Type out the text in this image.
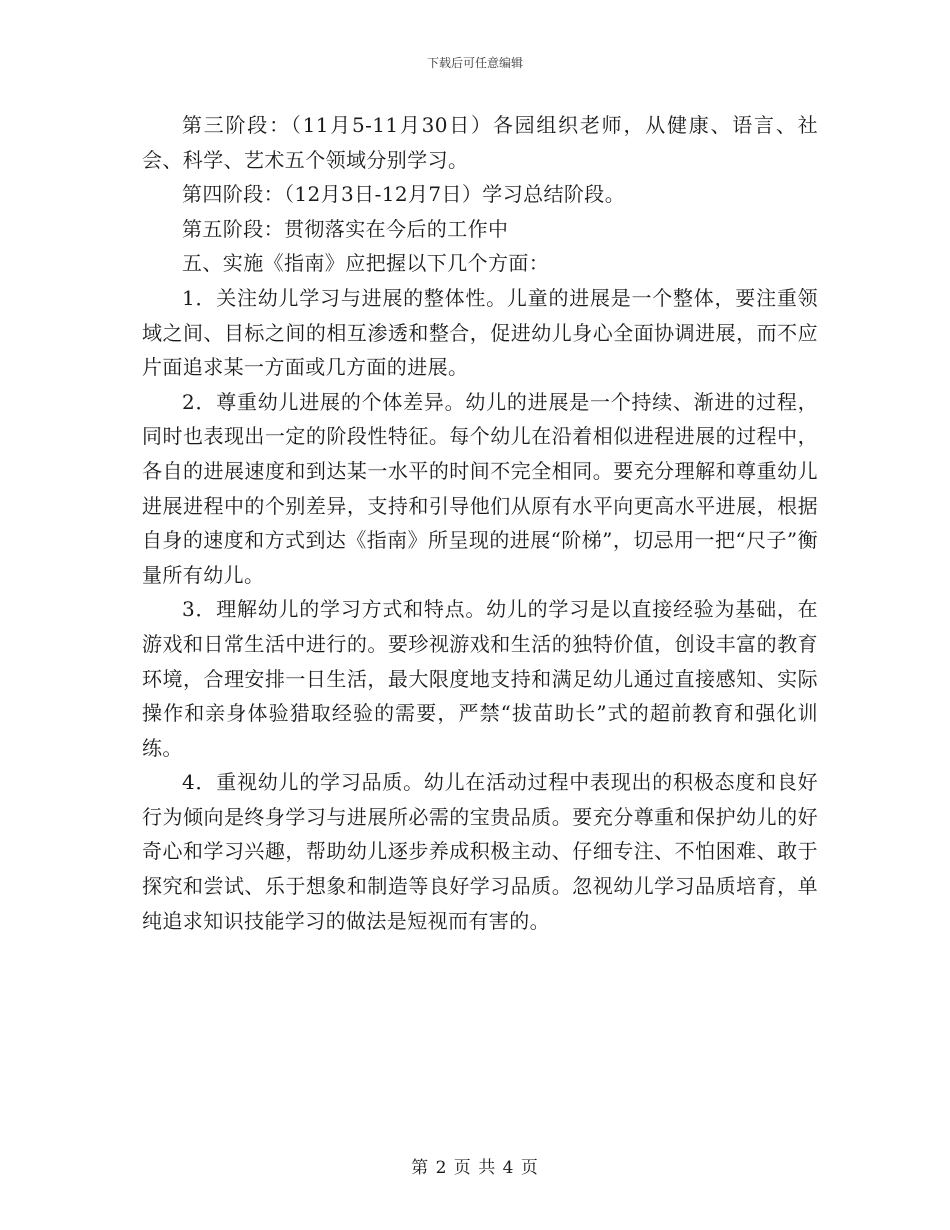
下载后可任意编辑

第三阶段：（11月5-11月30日）各园组织老师，从健康、语言、社会、科学、艺术五个领域分别学习。

第四阶段：（12月3日-12月7日）学习总结阶段。

第五阶段：贯彻落实在今后的工作中

五、实施《指南》应把握以下几个方面：

1．关注幼儿学习与进展的整体性。儿童的进展是一个整体，要注重领域之间、目标之间的相互渗透和整合，促进幼儿身心全面协调进展，而不应片面追求某一方面或几方面的进展。

2．尊重幼儿进展的个体差异。幼儿的进展是一个持续、渐进的过程，同时也表现出一定的阶段性特征。每个幼儿在沿着相似进程进展的过程中，各自的进展速度和到达某一水平的时间不完全相同。要充分理解和尊重幼儿进展进程中的个别差异，支持和引导他们从原有水平向更高水平进展，根据自身的速度和方式到达《指南》所呈现的进展“阶梯”，切忌用一把“尺子”衡量所有幼儿。

3．理解幼儿的学习方式和特点。幼儿的学习是以直接经验为基础，在游戏和日常生活中进行的。要珍视游戏和生活的独特价值，创设丰富的教育环境，合理安排一日生活，最大限度地支持和满足幼儿通过直接感知、实际操作和亲身体验猎取经验的需要，严禁“拔苗助长”式的超前教育和强化训练。

4．重视幼儿的学习品质。幼儿在活动过程中表现出的积极态度和良好行为倾向是终身学习与进展所必需的宝贵品质。要充分尊重和保护幼儿的好奇心和学习兴趣，帮助幼儿逐步养成积极主动、仔细专注、不怕困难、敢于探究和尝试、乐于想象和制造等良好学习品质。忽视幼儿学习品质培育，单纯追求知识技能学习的做法是短视而有害的。

第 2 页 共 4 页
